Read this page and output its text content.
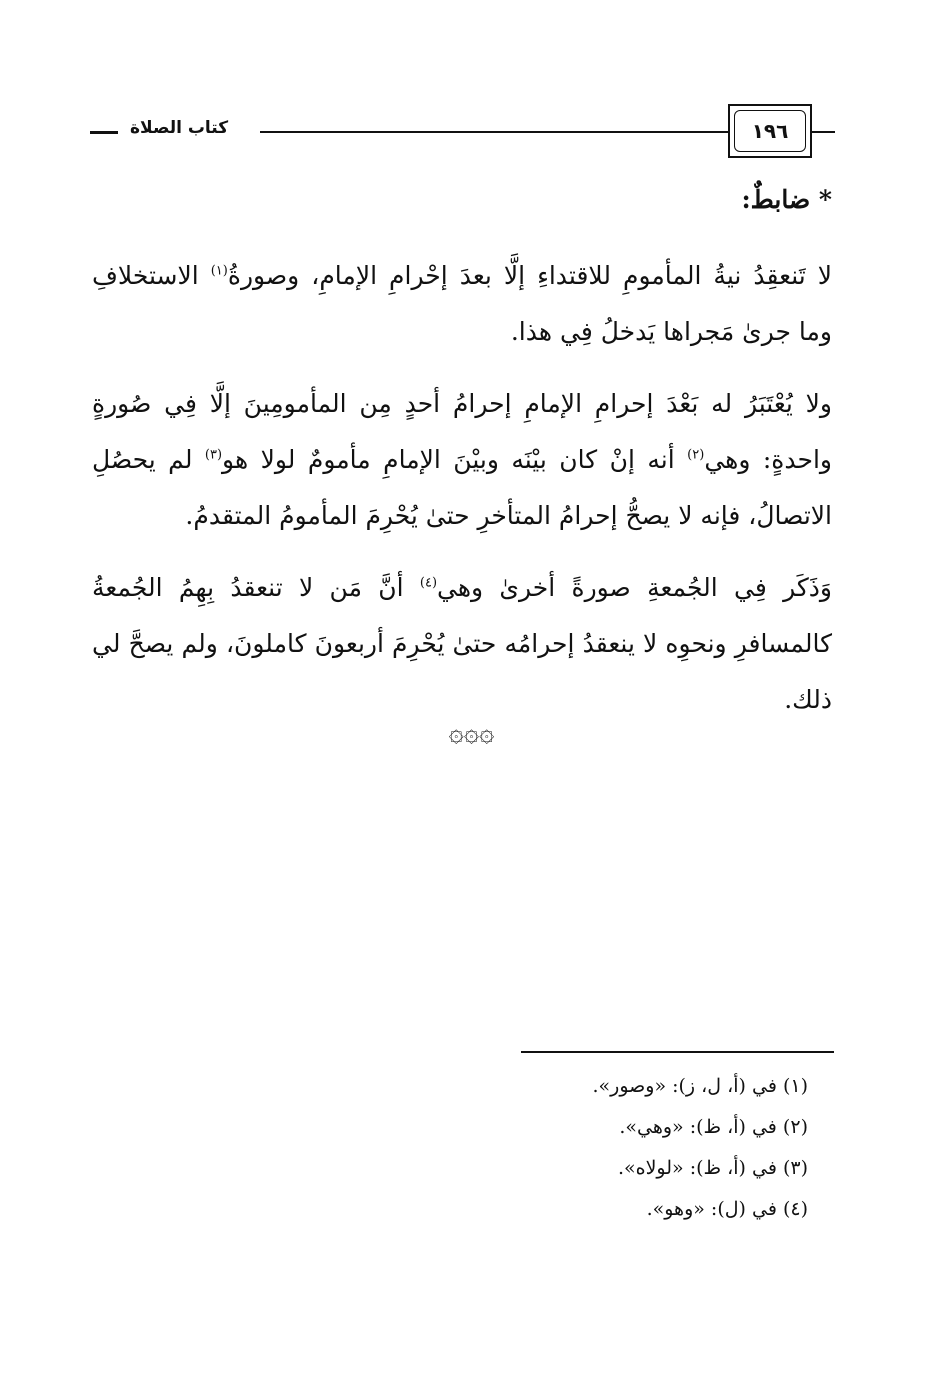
كتاب الصلاة	١٩٦
* ضابطٌ:

لا تَنعقِدُ نيةُ المأمومِ للاقتداءِ إلَّا بعدَ إحْرامِ الإمامِ، وصورةُ$^{(١)}$ الاستخلافِ وما جرىٰ مَجراها يَدخلُ فِي هذا.

ولا يُعْتَبَرُ له بَعْدَ إحرامِ الإمامِ إحرامُ أحدٍ مِن المأمومِينَ إلَّا فِي صُورةٍ واحدةٍ: وهي$^{(٢)}$ أنه إنْ كان بيْنَه وبيْنَ الإمامِ مأمومٌ لولا هو$^{(٣)}$ لم يحصُلِ الاتصالُ، فإنه لا يصحُّ إحرامُ المتأخرِ حتىٰ يُحْرِمَ المأمومُ المتقدمُ.

وَذَكَر فِي الجُمعةِ صورةً أخرىٰ وهي$^{(٤)}$ أنَّ مَن لا تنعقدُ بِهِمُ الجُمعةُ كالمسافرِ ونحوِه لا ينعقدُ إحرامُه حتىٰ يُحْرِمَ أربعونَ كاملونَ، ولم يصحَّ لي ذلك.

۞۞۞
(١) في (أ، ل، ز): «وصور».
(٢) في (أ، ظ): «وهي».
(٣) في (أ، ظ): «لولاه».
(٤) في (ل): «وهو».
